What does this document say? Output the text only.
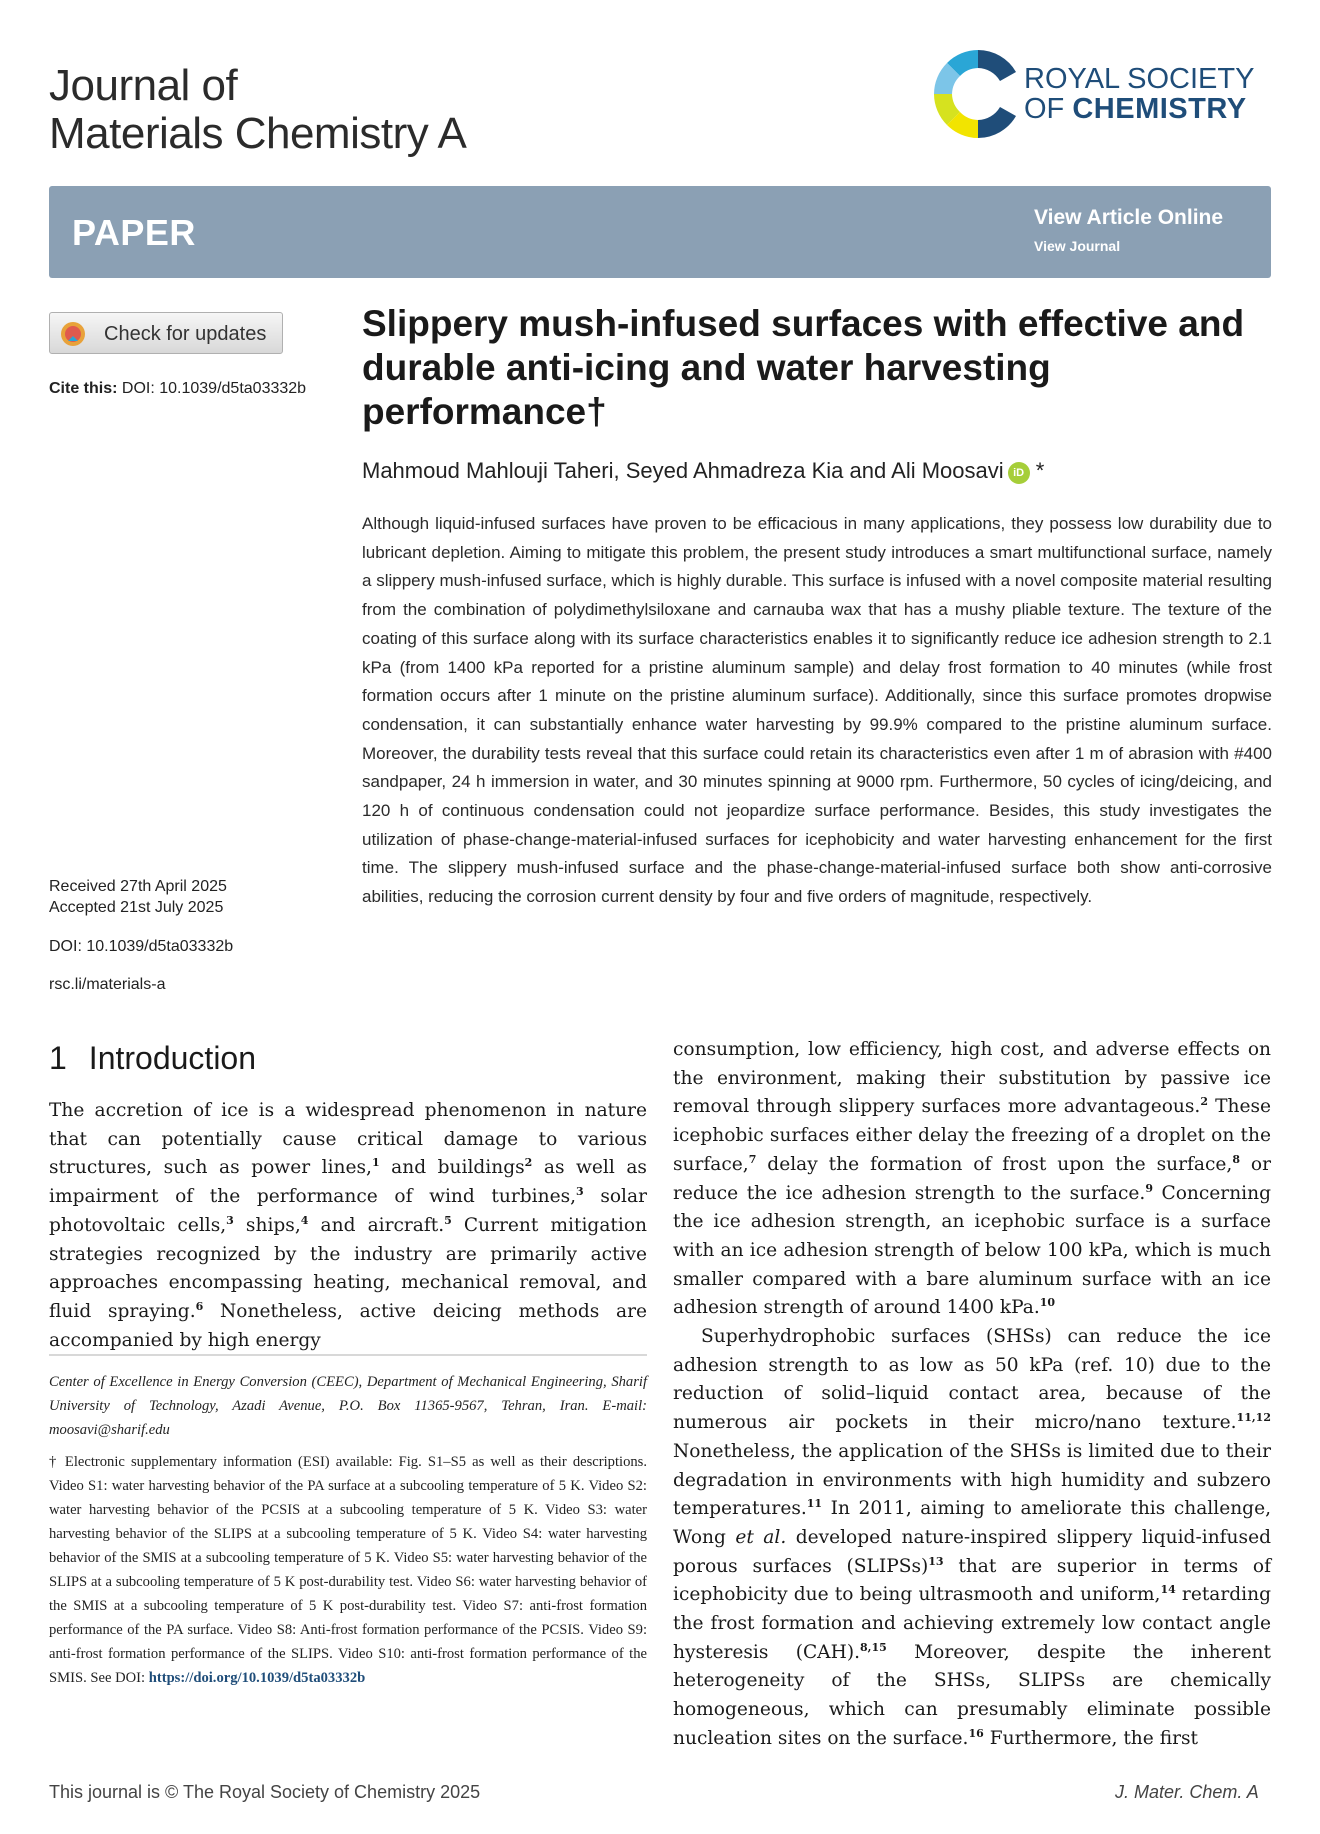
Journal of
Materials Chemistry A
ROYAL SOCIETY
OF CHEMISTRY
PAPER	View Article Online
View Journal
Check for updates
Cite this: DOI: 10.1039/d5ta03332b
Received 27th April 2025
Accepted 21st July 2025
DOI: 10.1039/d5ta03332b
rsc.li/materials-a
Slippery mush-infused surfaces with effective and durable anti-icing and water harvesting performance†
Mahmoud Mahlouji Taheri, Seyed Ahmadreza Kia and Ali Moosavi iD *
Although liquid-infused surfaces have proven to be efficacious in many applications, they possess low durability due to lubricant depletion. Aiming to mitigate this problem, the present study introduces a smart multifunctional surface, namely a slippery mush-infused surface, which is highly durable. This surface is infused with a novel composite material resulting from the combination of polydimethylsiloxane and carnauba wax that has a mushy pliable texture. The texture of the coating of this surface along with its surface characteristics enables it to significantly reduce ice adhesion strength to 2.1 kPa (from 1400 kPa reported for a pristine aluminum sample) and delay frost formation to 40 minutes (while frost formation occurs after 1 minute on the pristine aluminum surface). Additionally, since this surface promotes dropwise condensation, it can substantially enhance water harvesting by 99.9% compared to the pristine aluminum surface. Moreover, the durability tests reveal that this surface could retain its characteristics even after 1 m of abrasion with #400 sandpaper, 24 h immersion in water, and 30 minutes spinning at 9000 rpm. Furthermore, 50 cycles of icing/deicing, and 120 h of continuous condensation could not jeopardize surface performance. Besides, this study investigates the utilization of phase-change-material-infused surfaces for icephobicity and water harvesting enhancement for the first time. The slippery mush-infused surface and the phase-change-material-infused surface both show anti-corrosive abilities, reducing the corrosion current density by four and five orders of magnitude, respectively.
1 Introduction

The accretion of ice is a widespread phenomenon in nature that can potentially cause critical damage to various structures, such as power lines,$^1$ and buildings$^2$ as well as impairment of the performance of wind turbines,$^3$ solar photovoltaic cells,$^3$ ships,$^4$ and aircraft.$^5$ Current mitigation strategies recognized by the industry are primarily active approaches encompassing heating, mechanical removal, and fluid spraying.$^6$ Nonetheless, active deicing methods are accompanied by high energy

Center of Excellence in Energy Conversion (CEEC), Department of Mechanical Engineering, Sharif University of Technology, Azadi Avenue, P.O. Box 11365-9567, Tehran, Iran. E-mail: moosavi@sharif.edu

† Electronic supplementary information (ESI) available: Fig. S1–S5 as well as their descriptions. Video S1: water harvesting behavior of the PA surface at a subcooling temperature of 5 K. Video S2: water harvesting behavior of the PCSIS at a subcooling temperature of 5 K. Video S3: water harvesting behavior of the SLIPS at a subcooling temperature of 5 K. Video S4: water harvesting behavior of the SMIS at a subcooling temperature of 5 K. Video S5: water harvesting behavior of the SLIPS at a subcooling temperature of 5 K post-durability test. Video S6: water harvesting behavior of the SMIS at a subcooling temperature of 5 K post-durability test. Video S7: anti-frost formation performance of the PA surface. Video S8: Anti-frost formation performance of the PCSIS. Video S9: anti-frost formation performance of the SLIPS. Video S10: anti-frost formation performance of the SMIS. See DOI: https://doi.org/10.1039/d5ta03332b

consumption, low efficiency, high cost, and adverse effects on the environment, making their substitution by passive ice removal through slippery surfaces more advantageous.$^2$ These icephobic surfaces either delay the freezing of a droplet on the surface,$^7$ delay the formation of frost upon the surface,$^8$ or reduce the ice adhesion strength to the surface.$^9$ Concerning the ice adhesion strength, an icephobic surface is a surface with an ice adhesion strength of below 100 kPa, which is much smaller compared with a bare aluminum surface with an ice adhesion strength of around 1400 kPa.$^{10}$

Superhydrophobic surfaces (SHSs) can reduce the ice adhesion strength to as low as 50 kPa (ref. 10) due to the reduction of solid–liquid contact area, because of the numerous air pockets in their micro/nano texture.$^{11,12}$ Nonetheless, the application of the SHSs is limited due to their degradation in environments with high humidity and subzero temperatures.$^{11}$ In 2011, aiming to ameliorate this challenge, Wong et al. developed nature-inspired slippery liquid-infused porous surfaces (SLIPSs)$^{13}$ that are superior in terms of icephobicity due to being ultrasmooth and uniform,$^{14}$ retarding the frost formation and achieving extremely low contact angle hysteresis (CAH).$^{8,15}$ Moreover, despite the inherent heterogeneity of the SHSs, SLIPSs are chemically homogeneous, which can presumably eliminate possible nucleation sites on the surface.$^{16}$ Furthermore, the first

This journal is © The Royal Society of Chemistry 2025	J. Mater. Chem. A
